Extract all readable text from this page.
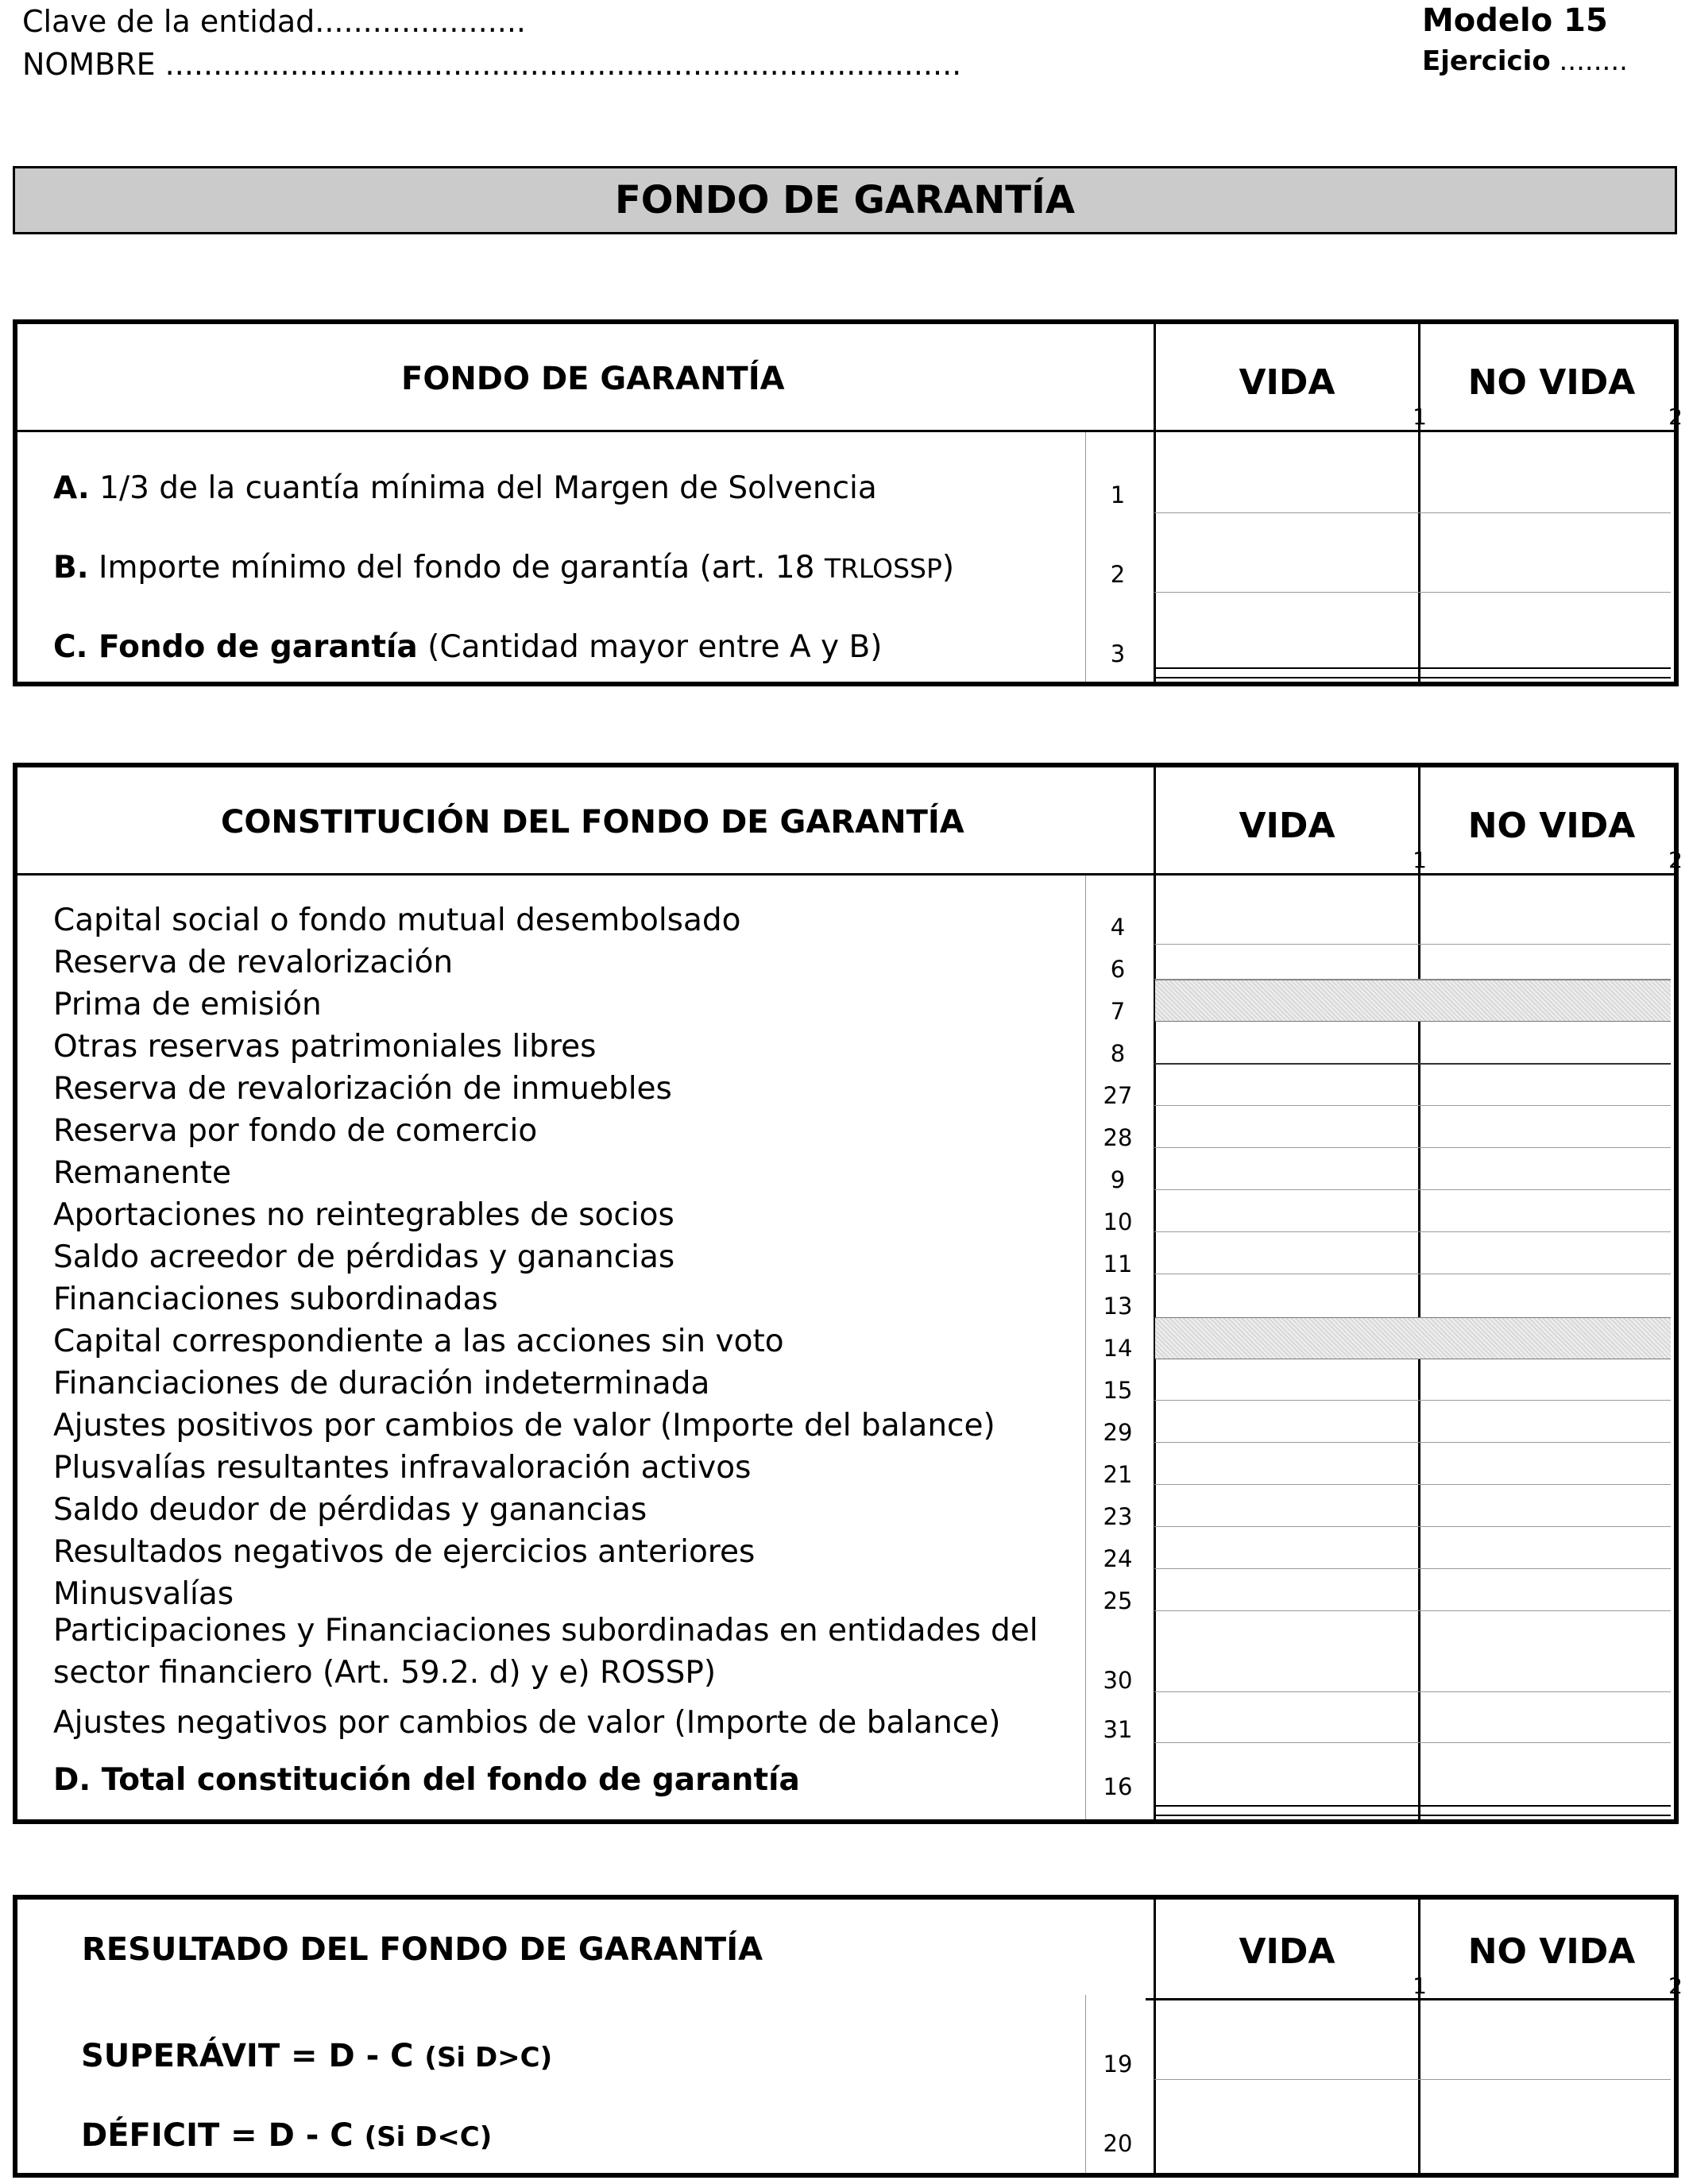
Clave de la entidad......................
NOMBRE ...................................................................................
Modelo 15
Ejercicio ........
FONDO DE GARANTÍA
FONDO DE GARANTÍA	VIDA	NO VIDA
1	2
A. 1/3 de la cuantía mínima del Margen de Solvencia	1
B. Importe mínimo del fondo de garantía (art. 18 TRLOSSP)	2
C. Fondo de garantía (Cantidad mayor entre A y B)	3
CONSTITUCIÓN DEL FONDO DE GARANTÍA	VIDA	NO VIDA
1	2
Capital social o fondo mutual desembolsado	4
Reserva de revalorización	6
Prima de emisión	7
Otras reservas patrimoniales libres	8
Reserva de revalorización de inmuebles	27
Reserva por fondo de comercio	28
Remanente	9
Aportaciones no reintegrables de socios	10
Saldo acreedor de pérdidas y ganancias	11
Financiaciones subordinadas	13
Capital correspondiente a las acciones sin voto	14
Financiaciones de duración indeterminada	15
Ajustes positivos por cambios de valor (Importe del balance)	29
Plusvalías resultantes infravaloración activos	21
Saldo deudor de pérdidas y ganancias	23
Resultados negativos de ejercicios anteriores	24
Minusvalías	25
Participaciones y Financiaciones subordinadas en entidades del
sector financiero (Art. 59.2. d) y e) ROSSP)	30
Ajustes negativos por cambios de valor (Importe de balance)	31
D. Total constitución del fondo de garantía	16
RESULTADO DEL FONDO DE GARANTÍA	VIDA	NO VIDA
1	2
SUPERÁVIT = D - C (Si D>C)	19
DÉFICIT = D - C (Si D<C)	20
